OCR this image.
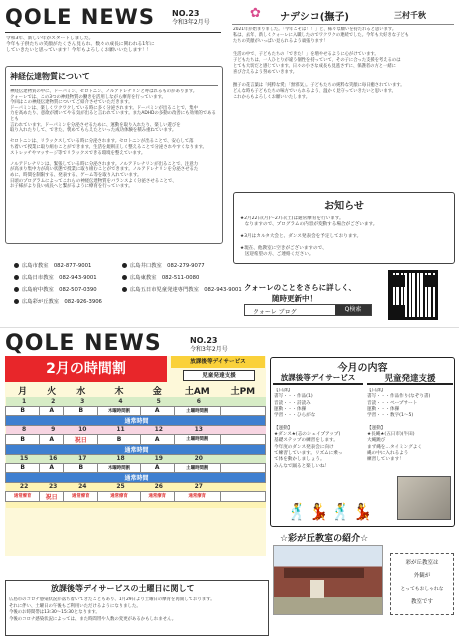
QOLE NEWS NO.23
令和3年2月号
令和3年、新しい年がスタートしました。
今年も子供たちの笑顔がたくさん見られ、数々の成長に関われる1年に
していきたいと思っています！今年もよろしくお願いいたします！！
神経伝達物質について
神経伝達物質の中に、ドーパミン、セロトニン、ノルアドレナリンと呼ばれるものがあります。
クォーレでは、この3つの神経物質の働きを活用しながら療育を行っています。
今回はこの神経伝達物質についてご紹介させていただきます。
ドーパミンは、楽しくワクワクしている時に多く分泌されます。ドーパミンが出ることで、集中
力を高めたり、意欲が湧いてやる気が出ると言われています。またADHDの多動の改善にも効果的であるとも
言われています。ドーパミンを分泌させるために、運動を取り入れたり、楽しい遊びを
取り入れたりして、できた、褒めてもらえたといった成功体験を積み重ねています。

セロトニンは、リラックスしている時に分泌されます。セロトニンが出ることで、安心して落
ち着いて授業に取り組むことができます。生活を規則正しく整えることで分泌されやすくなります。
ストレッチやマッサージ等でリラックスできる環境を整えています。

ノルアドレナリンは、緊張している時に分泌されます。ノルアドレナリンが出ることで、注意力
が高まり集中力が高い状態で授業に取り組むことができます。ノルアドレナリンを分泌させるた
めに、時間を制限する、発表する、ゲーム等を取り入れています。
日頃のプログラムによってこれらの神経伝達物質をバランスよく分泌させることで、
お子様がより良い成長へと繋がるように療育を行っています。
広島市教室　 082-877-9001	広島井口教室　 082-279-9077
広島日市教室　 082-943-9001	広島東教室　 082-511-0080
広島府中教室　 082-507-0390	広島五日市児童発達専門教室　 082-943-9001
広島彩が丘教室　 082-926-3906
✿ ナデシコ(撫子)	三村千秋
2021年が始まりました。「今年こそは！！」と、様々な願いを持たれると思います。
私は、去年、新しくクォーレに入職したのでワクワクの連続でした。今年も大好きな子ども
たちの笑顔がいっぱい見られるよう頑張ります！

生活の中で、子どもたちの「できた！」を増やせるように心がけています。
子どもたちは、一人ひとりが違う個性を持っていて、その子に合った支援を考えるのは
とても大切だと感じています。日々の小さな成長も見逃さずに、保護者の方と一緒に
喜び合えるよう努めていきます。

撫子の花言葉は「純粋な愛」「無邪気」。子どもたちの純粋な笑顔に毎日癒されています。
どんな時も子どもたちの味方でいられるよう、温かく見守っていきたいと思います。
これからもよろしくお願いいたします。
お知らせ
★2月22日(月)〜27日(土)は通常療育を行います。
　なりますので、プログラムの内容が変動する場合がございます。

★3月はカルタ大会と、ダンス発表会を予定しております。

★現在、他教室に空きがございますので、
　送迎希望の方、ご連絡ください。
クォーレのことをさらに詳しく、
随時更新中！
クォーレ ブログ	Q検索
QOLE NEWS	NO.23
令和3年2月号
2月の時間割	放課後等デイサービス
児童発達支援
月	火	水	木	金	土AM	土PM
1	2	3	4	5	6	
B	A	B	木曜時間割	A	土曜時間割	
通常時間						
8	9	10	11	12	13	
B	A	祝日	B	A	土曜時間割	
通常時間						
15	16	17	18	19	20	
B	A	B	木曜時間割	A	土曜時間割	
通常時間						
22	23	24	25	26	27	
通常療育	祝日	通常療育	通常療育	通常療育	通常療育	

今月の内容
放課後等デイサービス	児童発達支援
【日課】
書写・・・作品(1)
音読・・・詩読み
運動・・・体操
学習・・・ひらがな

【運動】
★ダンス★(志のシェイプアップ)
基礎ステップの練習をします。
今年度のダンス発表会に向け
て練習しています。リズムに乗っ
て体を動かしましょう。
みんなで踊ると楽しいね！
【日課】
書写・・・作品作り(なぞり書)
音読・・・ぺープサート
運動・・・体操
学習・・・数字(1〜5)

【運動】
★長縄★(五日市)(牛田)
大縄跳び
まず縄を…タイミングよく
縄の中に入れるよう
練習しています！
🕺 💃 🕺 💃
☆彩が丘教室の紹介☆
彩が丘教室は
外観が
とってもおしゃれな
教室です
放課後等デイサービスの土曜日に関して
広島市のコロナ感染状況が落ち着いてきたこともあり、1月29日より土曜日の療育を再開しております。
それに伴い、土曜日の午後もご利用いただけるようになりました。
今後のお時間帯は13:30〜15:30となります。
今後のコロナ感染状況によっては、また時間帯や人数の変更があるかもしれません。
